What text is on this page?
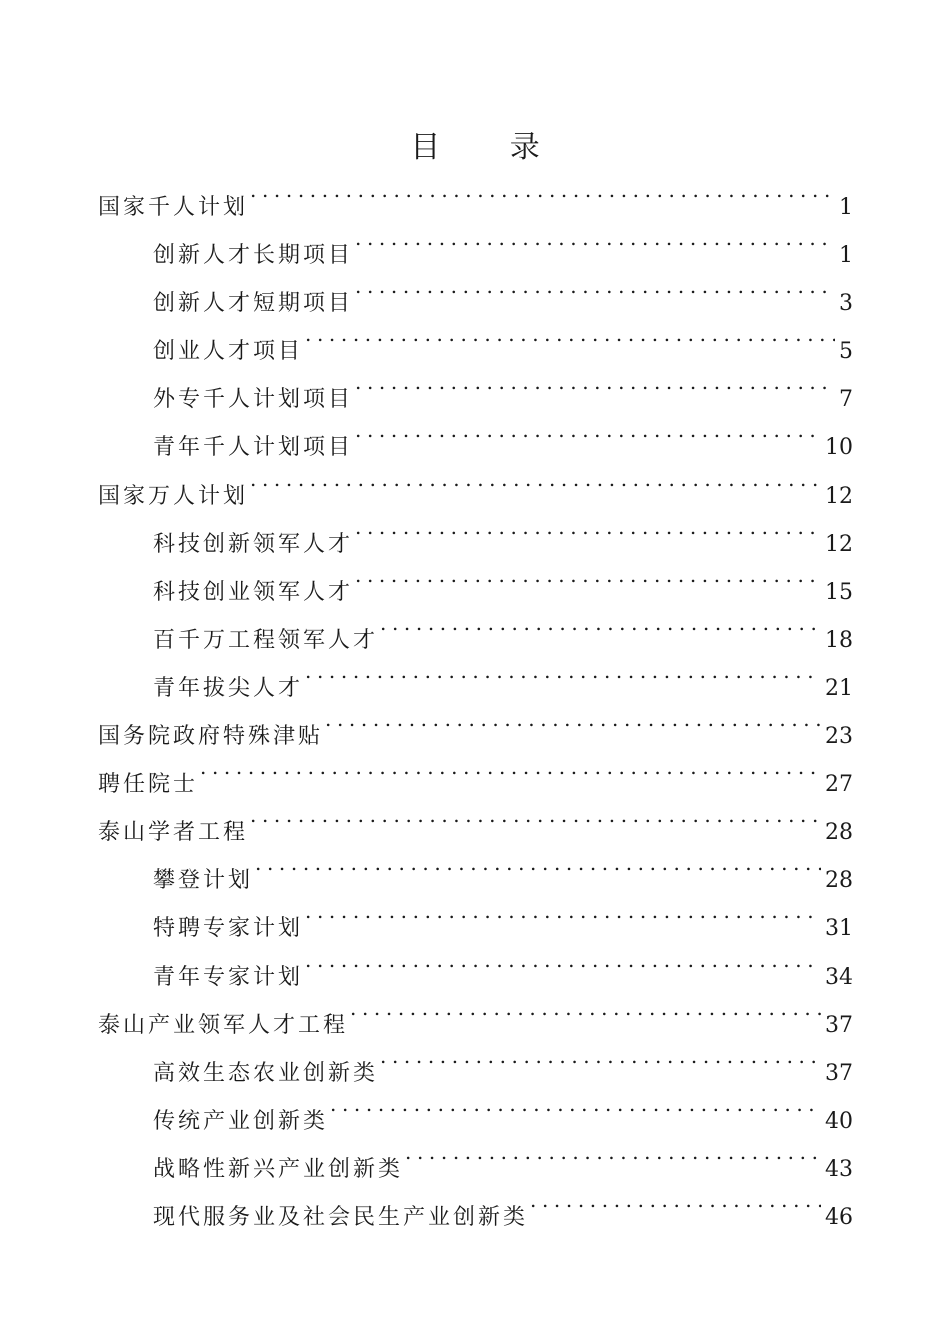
目 录
国家千人计划 .....	1
创新人才长期项目 .....	1
创新人才短期项目 .....	3
创业人才项目 .....	5
外专千人计划项目 .....	7
青年千人计划项目 .....	10
国家万人计划 .....	12
科技创新领军人才 .....	12
科技创业领军人才 .....	15
百千万工程领军人才 .....	18
青年拔尖人才 .....	21
国务院政府特殊津贴 .....	23
聘任院士 .....	27
泰山学者工程 .....	28
攀登计划 .....	28
特聘专家计划 .....	31
青年专家计划 .....	34
泰山产业领军人才工程 .....	37
高效生态农业创新类 .....	37
传统产业创新类 .....	40
战略性新兴产业创新类 .....	43
现代服务业及社会民生产业创新类 .....	46
